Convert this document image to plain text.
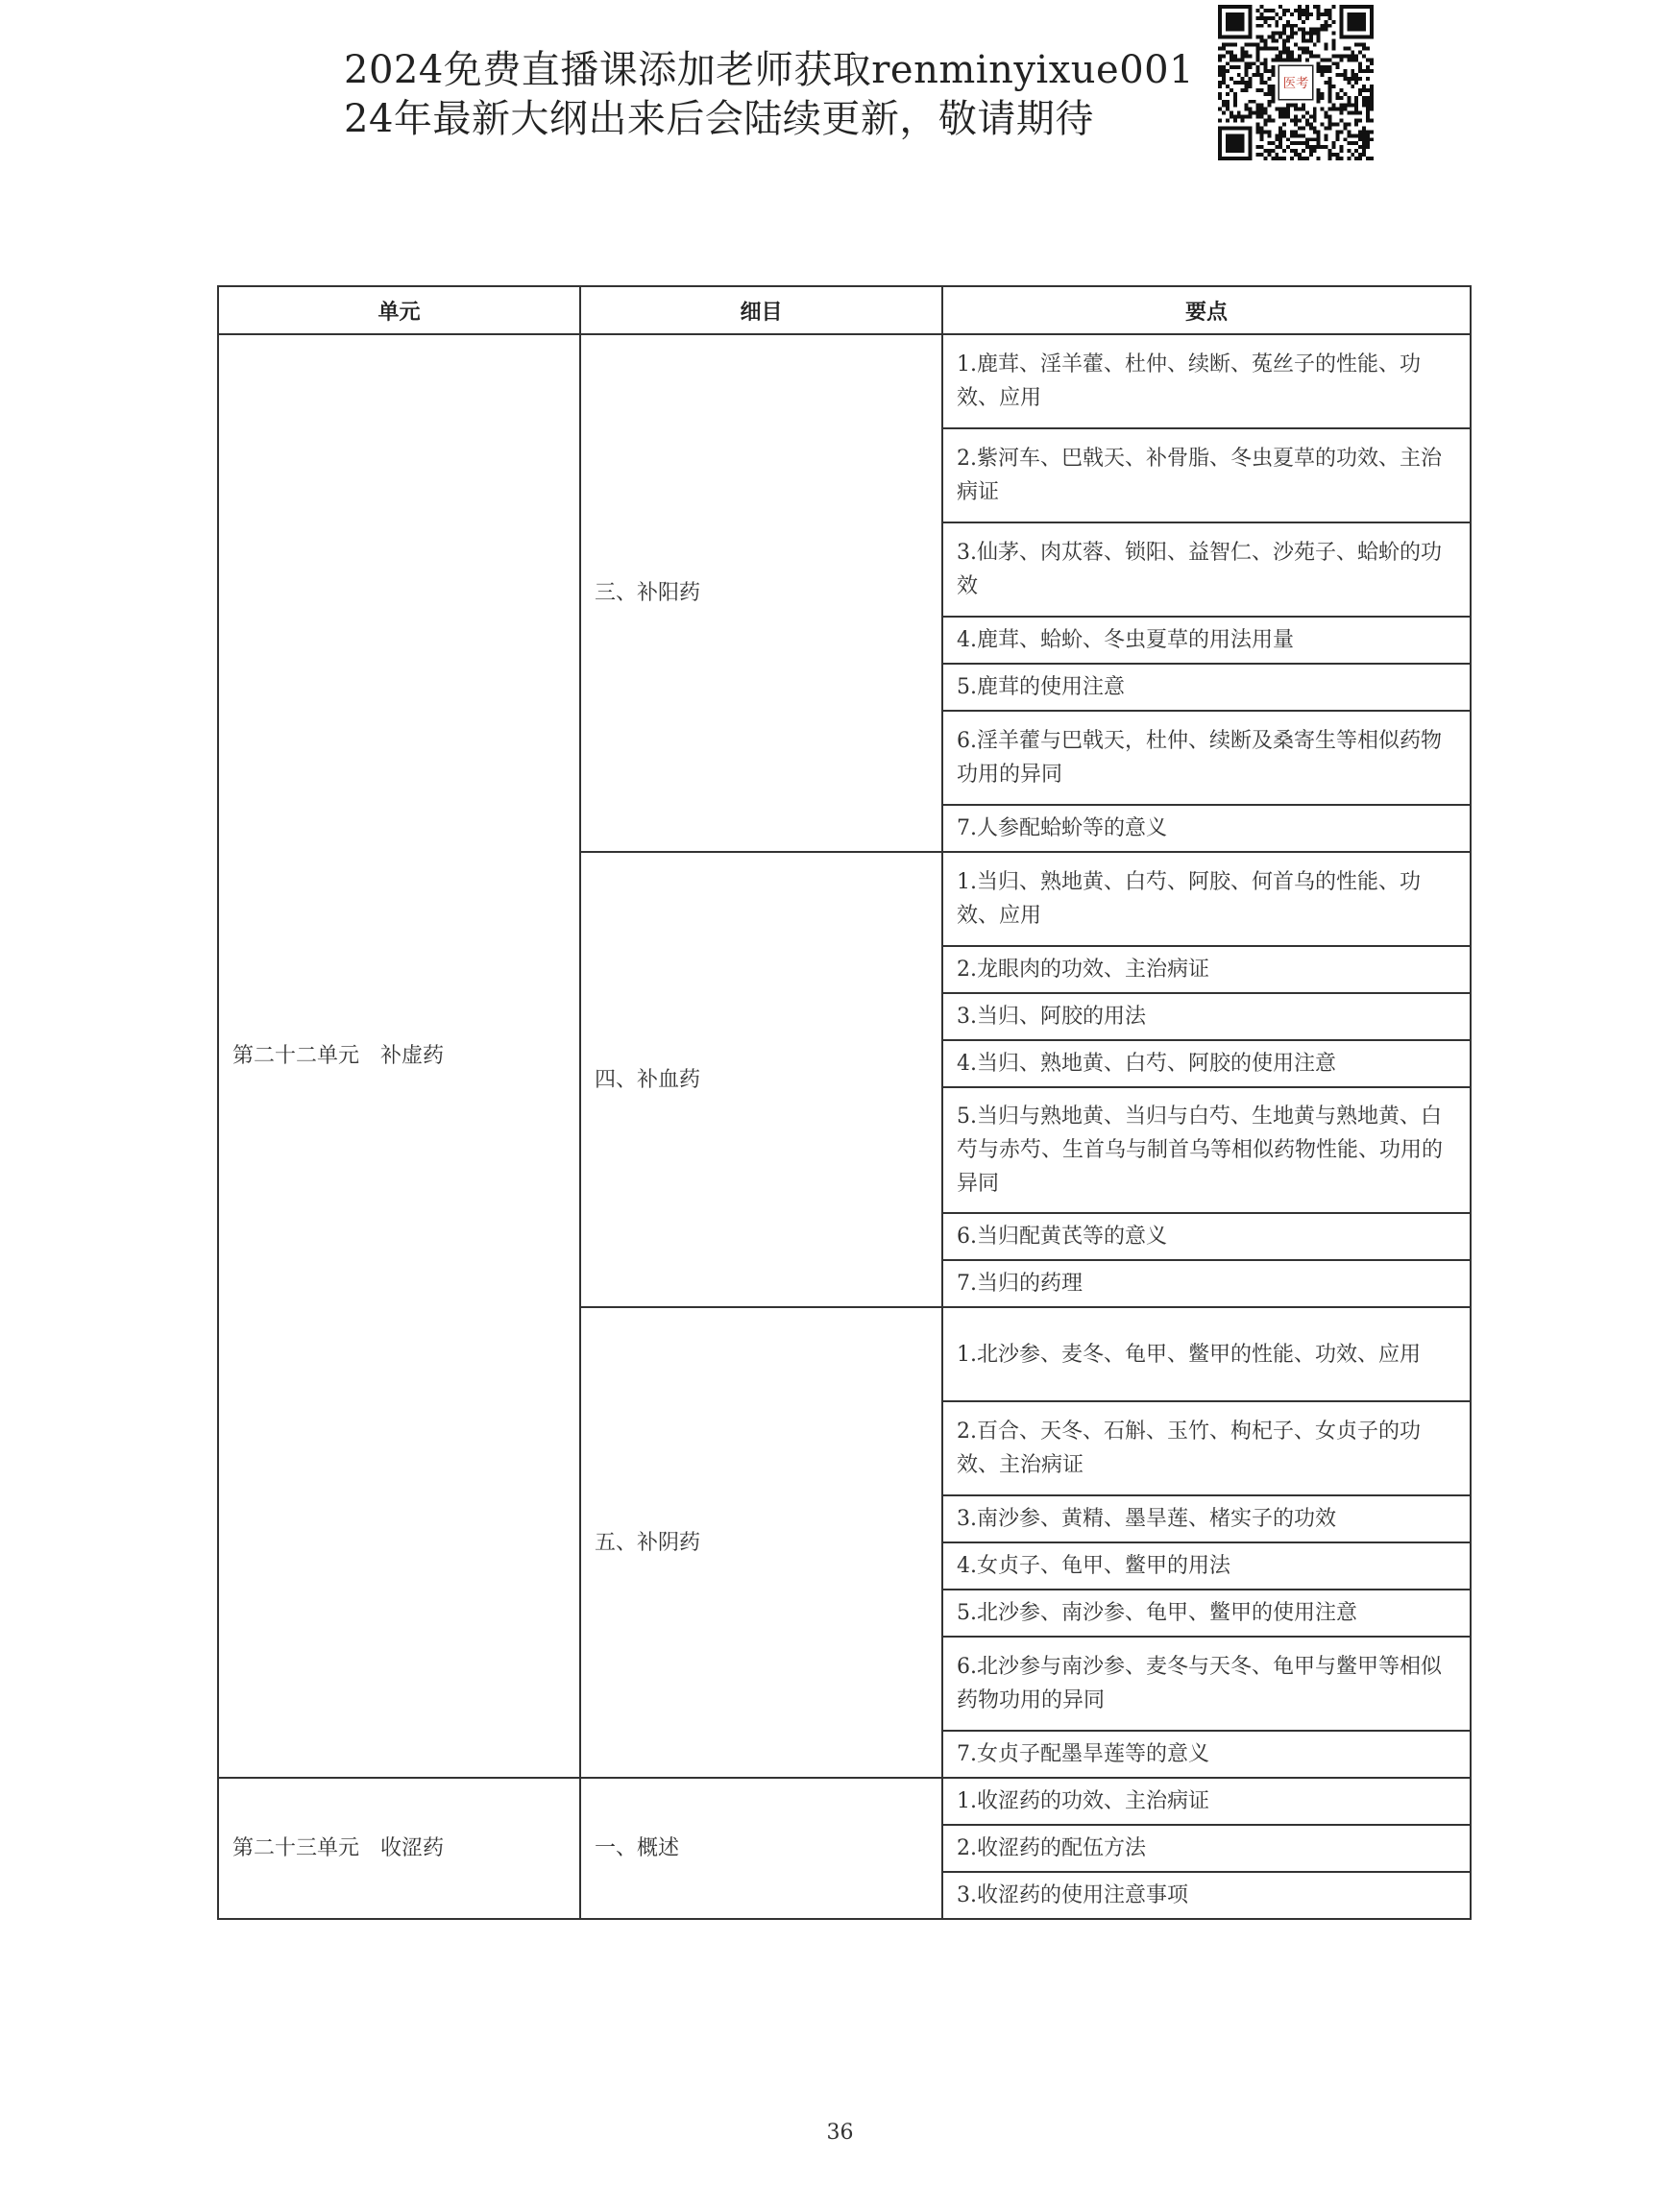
2024免费直播课添加老师获取renminyixue001
24年最新大纲出来后会陆续更新，敬请期待
医考
单元	细目	要点
第二十二单元　补虚药	三、补阳药	1.鹿茸、淫羊藿、杜仲、续断、菟丝子的性能、功效、应用
		2.紫河车、巴戟天、补骨脂、冬虫夏草的功效、主治病证
		3.仙茅、肉苁蓉、锁阳、益智仁、沙苑子、蛤蚧的功效
		4.鹿茸、蛤蚧、冬虫夏草的用法用量
		5.鹿茸的使用注意
		6.淫羊藿与巴戟天，杜仲、续断及桑寄生等相似药物功用的异同
		7.人参配蛤蚧等的意义
	四、补血药	1.当归、熟地黄、白芍、阿胶、何首乌的性能、功效、应用
		2.龙眼肉的功效、主治病证
		3.当归、阿胶的用法
		4.当归、熟地黄、白芍、阿胶的使用注意
		5.当归与熟地黄、当归与白芍、生地黄与熟地黄、白芍与赤芍、生首乌与制首乌等相似药物性能、功用的异同
		6.当归配黄芪等的意义
		7.当归的药理
	五、补阴药	1.北沙参、麦冬、龟甲、鳖甲的性能、功效、应用
		2.百合、天冬、石斛、玉竹、枸杞子、女贞子的功效、主治病证
		3.南沙参、黄精、墨旱莲、楮实子的功效
		4.女贞子、龟甲、鳖甲的用法
		5.北沙参、南沙参、龟甲、鳖甲的使用注意
		6.北沙参与南沙参、麦冬与天冬、龟甲与鳖甲等相似药物功用的异同
		7.女贞子配墨旱莲等的意义
第二十三单元　收涩药	一、概述	1.收涩药的功效、主治病证
		2.收涩药的配伍方法
		3.收涩药的使用注意事项
36
